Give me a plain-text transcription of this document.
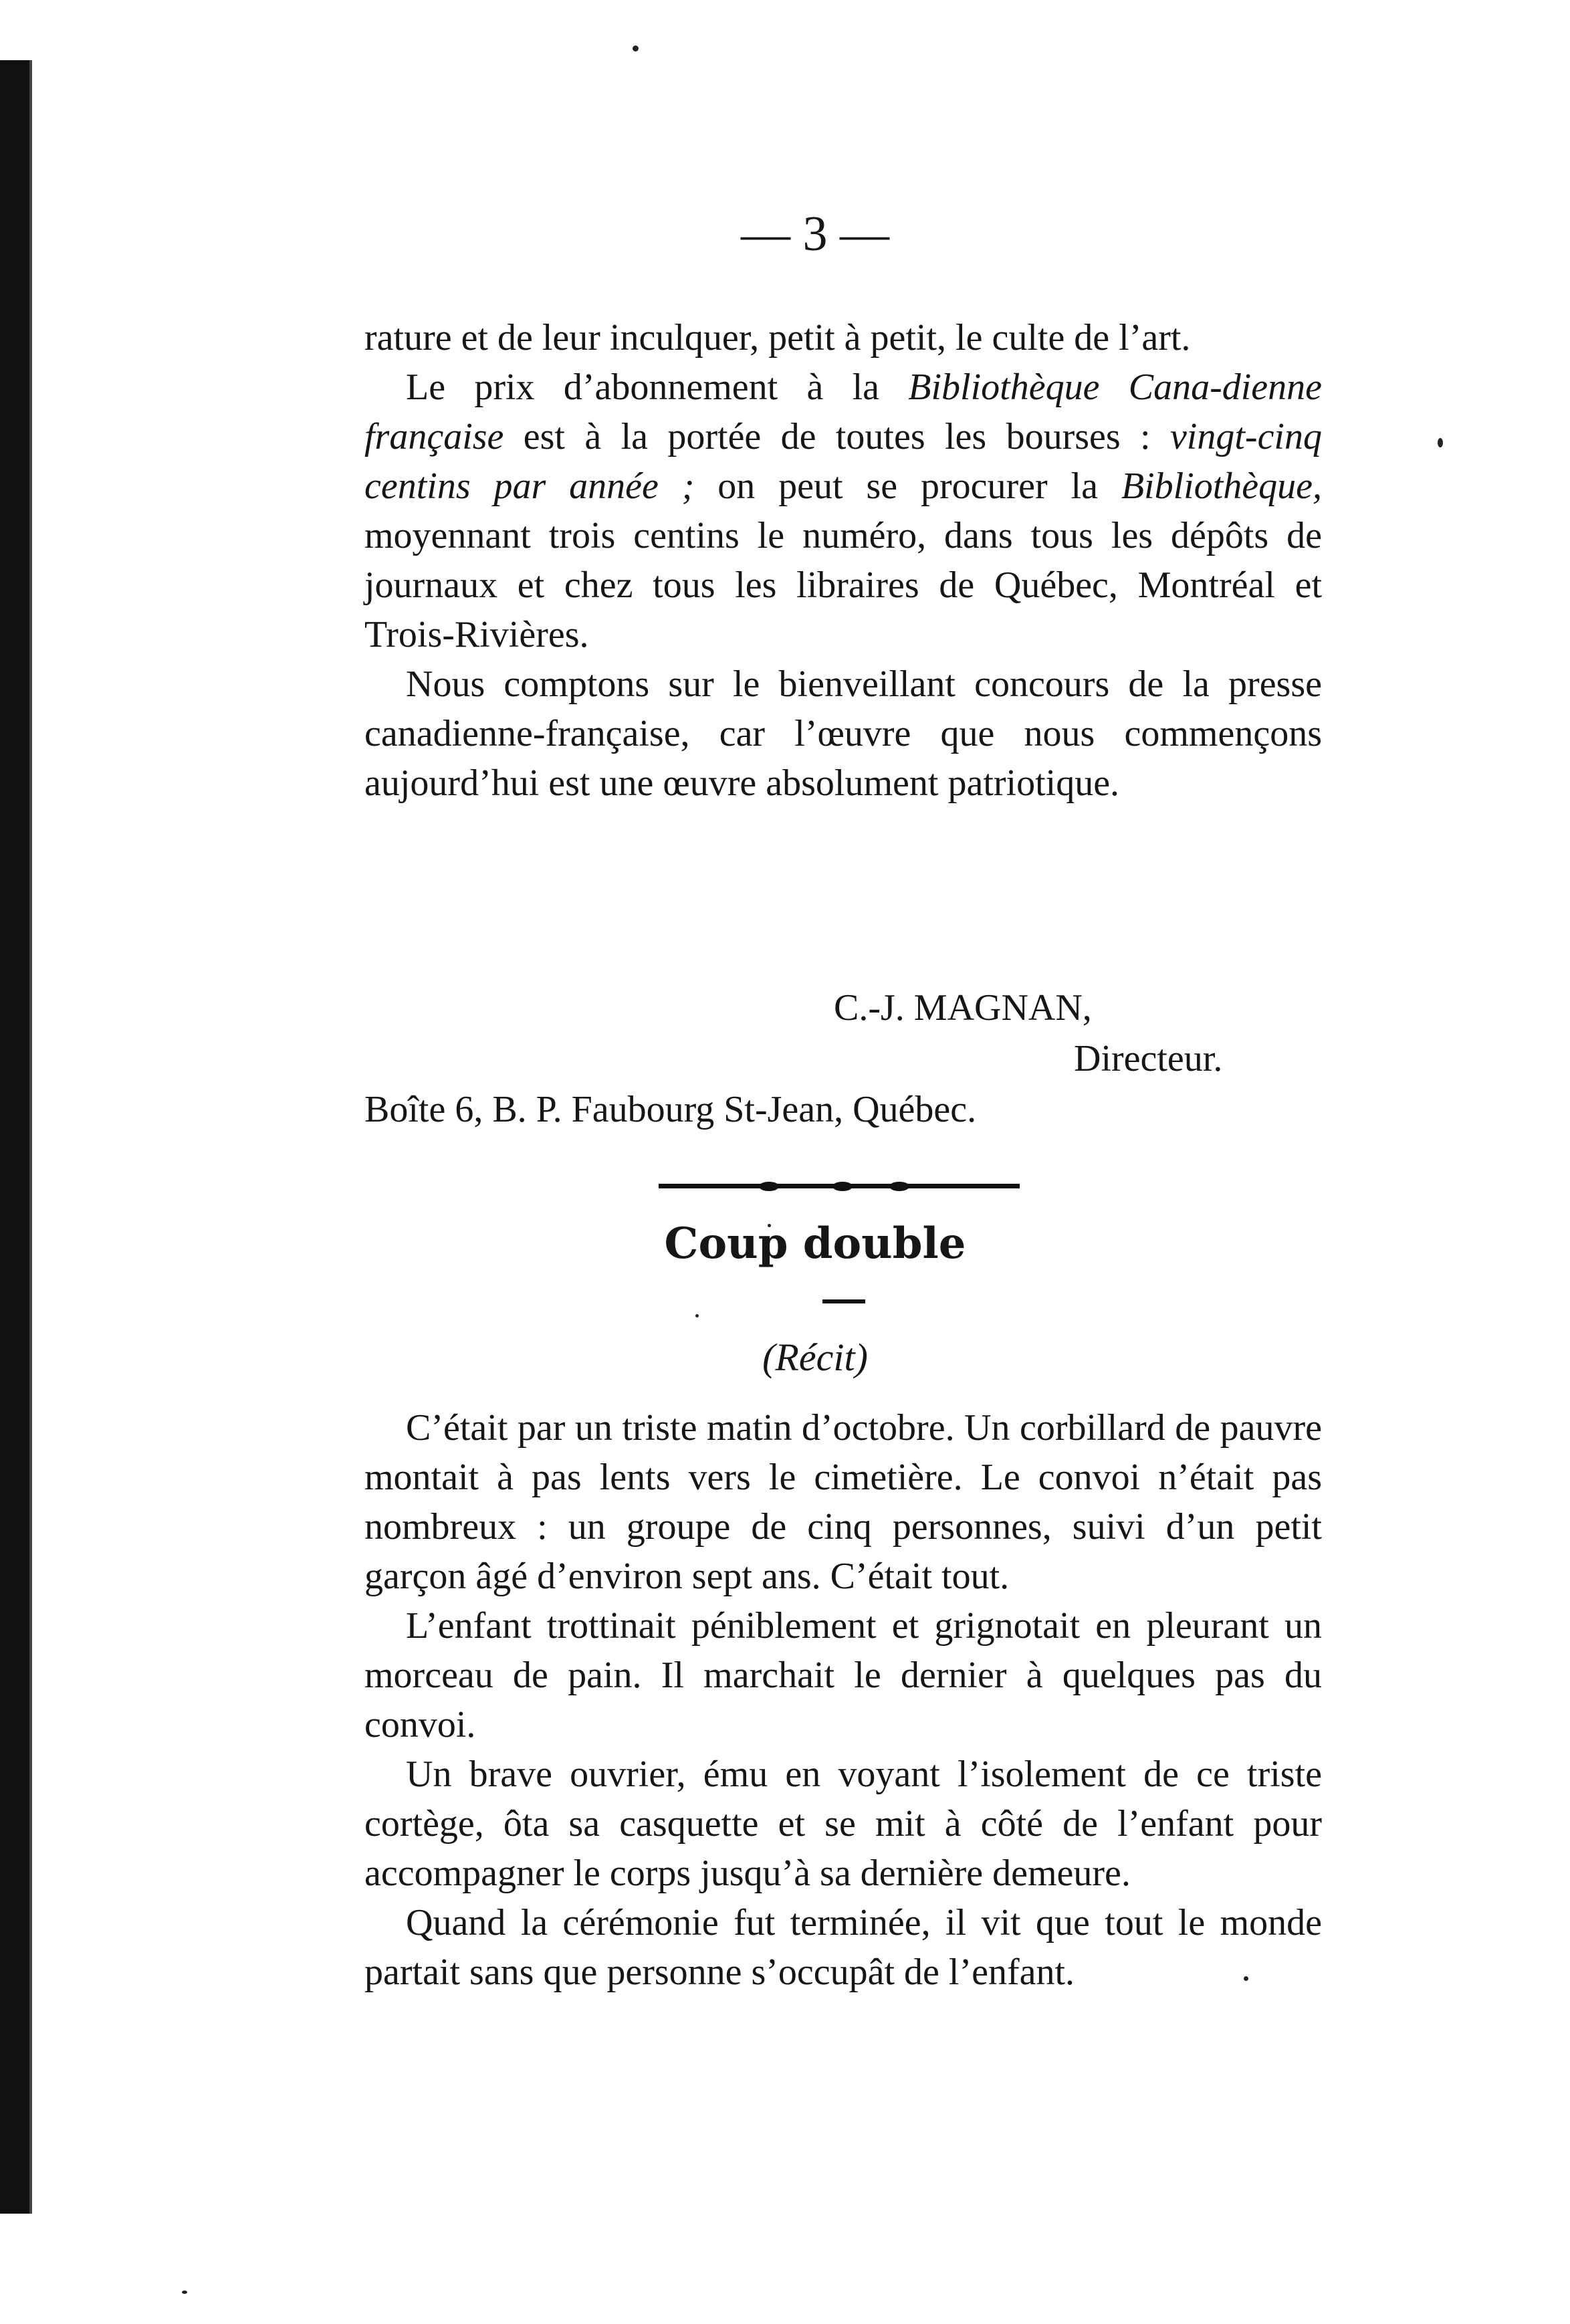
— 3 —

rature et de leur inculquer, petit à petit, le culte de l’art.

Le prix d’abonnement à la Bibliothèque Cana-dienne française est à la portée de toutes les bourses : vingt-cinq centins par année ; on peut se procurer la Bibliothèque, moyennant trois centins le numéro, dans tous les dépôts de journaux et chez tous les libraires de Québec, Montréal et Trois-Rivières.

Nous comptons sur le bienveillant concours de la presse canadienne-française, car l’œuvre que nous commençons aujourd’hui est une œuvre absolument patriotique.

C.-J. MAGNAN,
Directeur.
Boîte 6, B. P. Faubourg St-Jean, Québec.
Coup double
(Récit)

C’était par un triste matin d’octobre. Un corbillard de pauvre montait à pas lents vers le cimetière. Le convoi n’était pas nombreux : un groupe de cinq personnes, suivi d’un petit garçon âgé d’environ sept ans. C’était tout.

L’enfant trottinait péniblement et grignotait en pleurant un morceau de pain. Il marchait le dernier à quelques pas du convoi.

Un brave ouvrier, ému en voyant l’isolement de ce triste cortège, ôta sa casquette et se mit à côté de l’enfant pour accompagner le corps jusqu’à sa dernière demeure.

Quand la cérémonie fut terminée, il vit que tout le monde partait sans que personne s’occupât de l’enfant.
